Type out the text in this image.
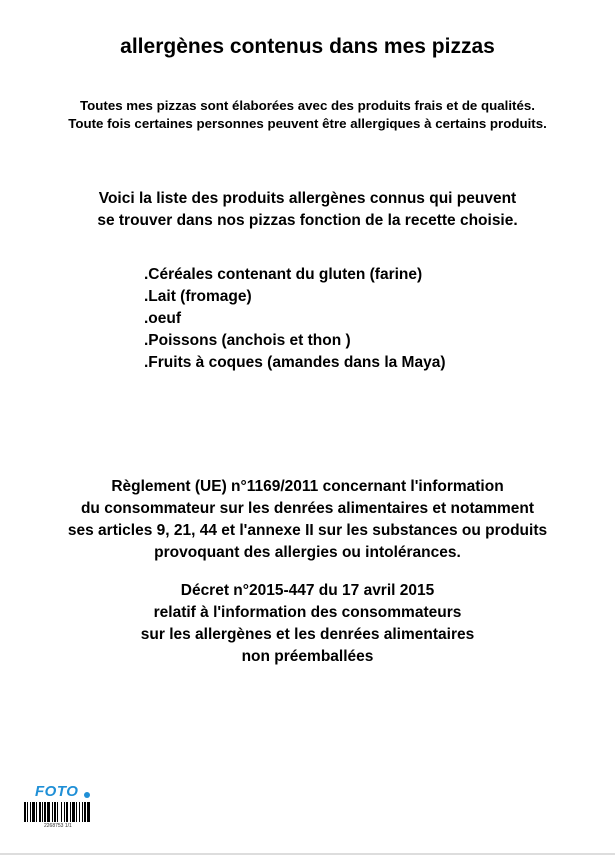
allergènes contenus dans mes pizzas
Toutes mes pizzas sont élaborées avec des produits frais et de qualités.
Toute fois certaines personnes peuvent être allergiques à certains produits.
Voici la liste des produits allergènes connus qui peuvent
se trouver dans nos pizzas fonction de la recette choisie.
.Céréales contenant du gluten (farine)
.Lait (fromage)
.oeuf
.Poissons (anchois et thon )
.Fruits à coques (amandes dans la Maya)
Règlement (UE) n°1169/2011 concernant l'information
du consommateur sur les denrées alimentaires et notamment
ses articles 9, 21, 44 et l'annexe II sur les substances ou produits
provoquant des allergies ou intolérances.
Décret n°2015-447 du 17 avril 2015
relatif à l'information des consommateurs
sur les allergènes et les denrées alimentaires
non préemballées
FOTO
2268753 1/1
